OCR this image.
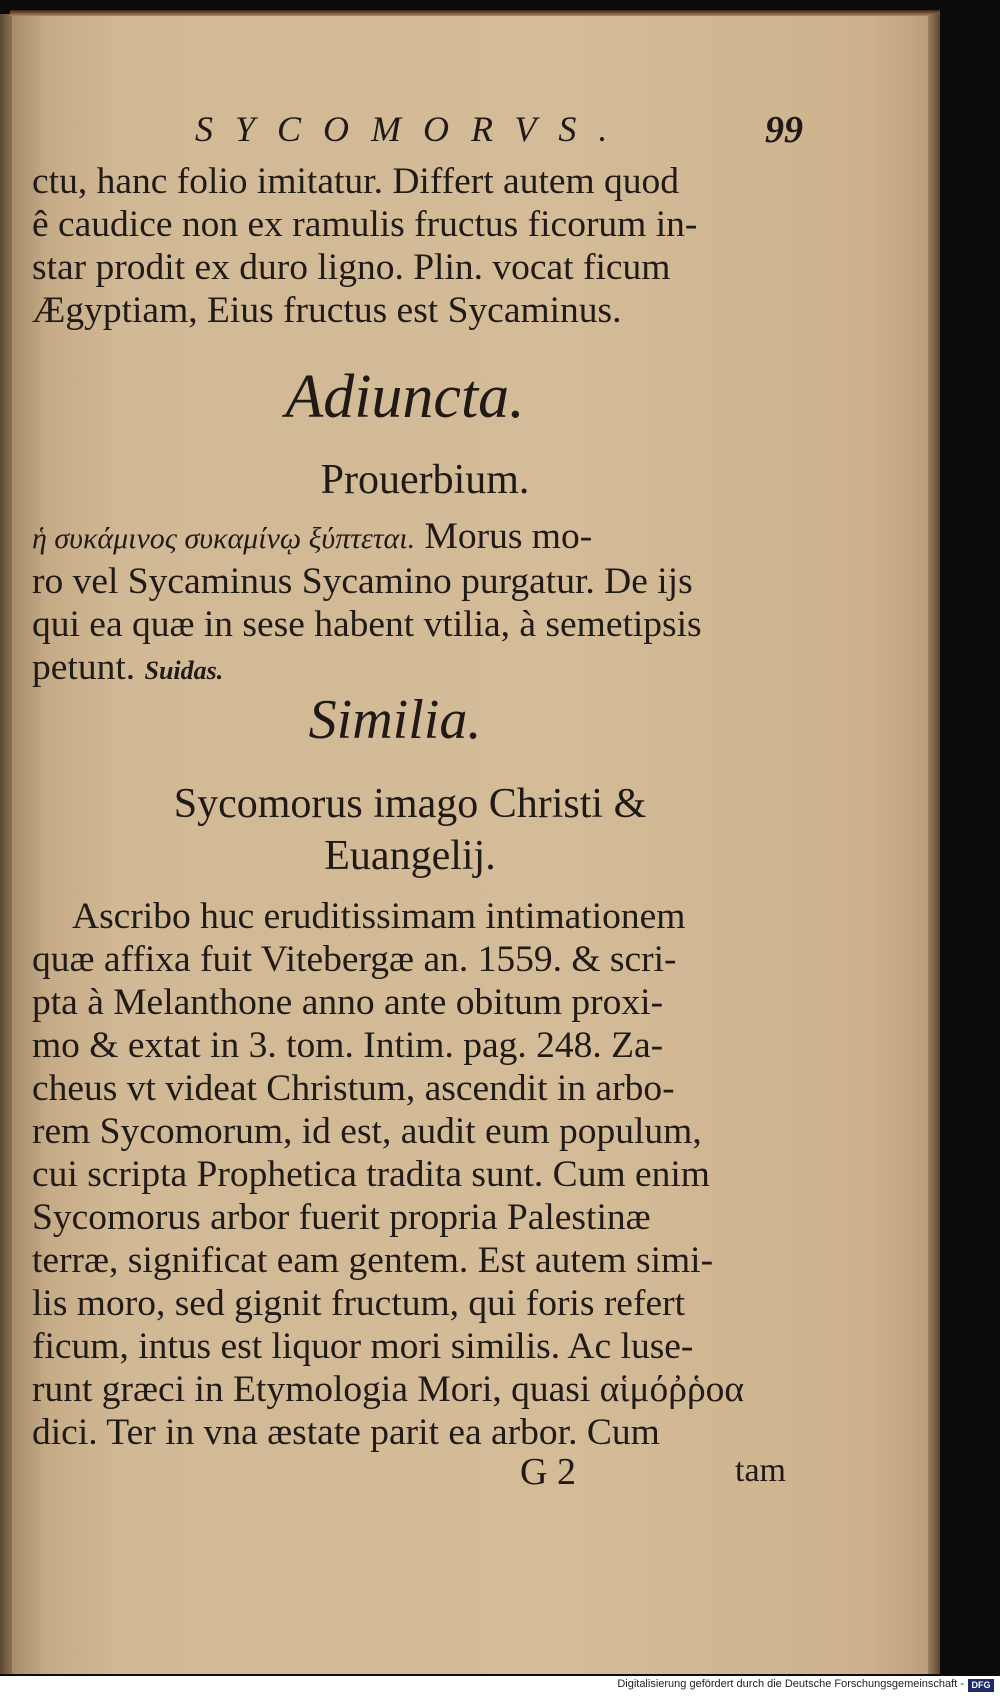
SYCOMORVS.	99
ctu, hanc folio imitatur. Differt autem quod
ê caudice non ex ramulis fructus ficorum in-
star prodit ex duro ligno. Plin. vocat ficum
Ægyptiam, Eius fructus est Sycaminus.
Adiuncta.
Prouerbium.
ἡ συκάμινος συκαμίνῳ ξύπτεται. Morus mo-
ro vel Sycaminus Sycamino purgatur. De ijs
qui ea quæ in sese habent vtilia, à semetipsis
petunt. Suidas.
Similia.
Sycomorus imago Christi &
Euangelij.
Ascribo huc eruditissimam intimationem
quæ affixa fuit Vitebergæ an. 1559. & scri-
pta à Melanthone anno ante obitum proxi-
mo & extat in 3. tom. Intim. pag. 248. Za-
cheus vt videat Christum, ascendit in arbo-
rem Sycomorum, id est, audit eum populum,
cui scripta Prophetica tradita sunt. Cum enim
Sycomorus arbor fuerit propria Palestinæ
terræ, significat eam gentem. Est autem simi-
lis moro, sed gignit fructum, qui foris refert
ficum, intus est liquor mori similis. Ac luse-
runt græci in Etymologia Mori, quasi αἱμόῤῥοα
dici. Ter in vna æstate parit ea arbor. Cum
G 2	tam
Digitalisierung gefördert durch die Deutsche Forschungsgemeinschaft - DFG
